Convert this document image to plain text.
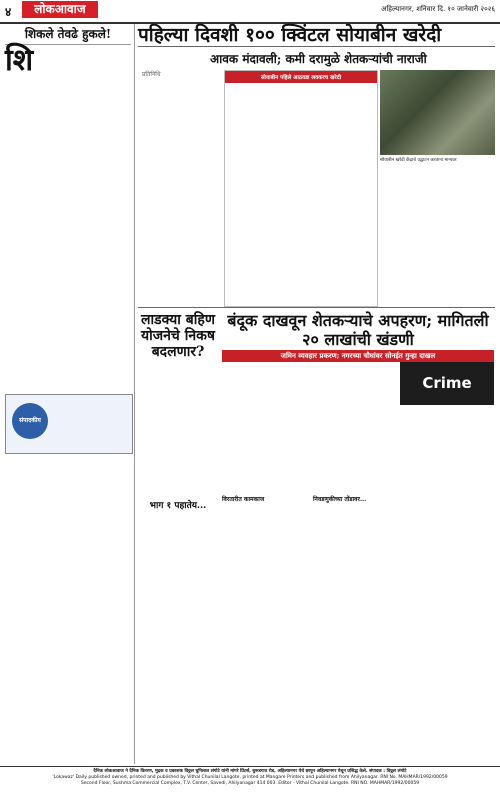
४	लोकआवाज	अहिल्यानगर, शनिवार दि. १० जानेवारी २०२६
शिकले तेवढे हुकले!
शि
संपादकीय
पहिल्या दिवशी १०० क्विंटल सोयाबीन खरेदी
आवक मंदावली; कमी दरामुळे शेतकऱ्यांची नाराजी
प्रतिनिधि	सोयाबीन पहिले आठवडा लवकरच खरेदी
सोयाबीन खरेदी केंद्राचे उद्घाटन करताना मान्यवर
लाडक्या बहिण योजनेचे निकष बदलणार?
भाग १ पहातेय...
विरतारीत कामकाज
बंदूक दाखवून शेतकऱ्याचे अपहरण; मागितली २० लाखांची खंडणी
जमिन व्यवहार प्रकरण; नगरच्या चौघांवर सोनईत गुन्हा दाखल
Crime
निवडणुकीच्या तोंडावर...
दैनिक लोकआवाज ने दैनिक वितरण, मुद्रक व प्रकाशक विठ्ठल चुनिलाल लंगोटे यांनी मांगरे प्रिंटर्स, बुरूडगाव रोड, अहिल्यानगर येथे छापून अहिल्यानगर येथून प्रसिद्ध केले. संपादक : विठ्ठल लंगोटे
'Lokawaz' Daily published owned, printed and published by Vithal Chunilal Langote, printed at Mangare Printers and published from Ahilyanagar. RNI No. MAHMAR/1992/00059
Second Floor, Sushma Commercial Complex, T.V. Center, Savedi, Ahilyanagar 414 003. Editor - Vithal Chunilal Langote. RNI NO. MAHMAR/1992/00059
